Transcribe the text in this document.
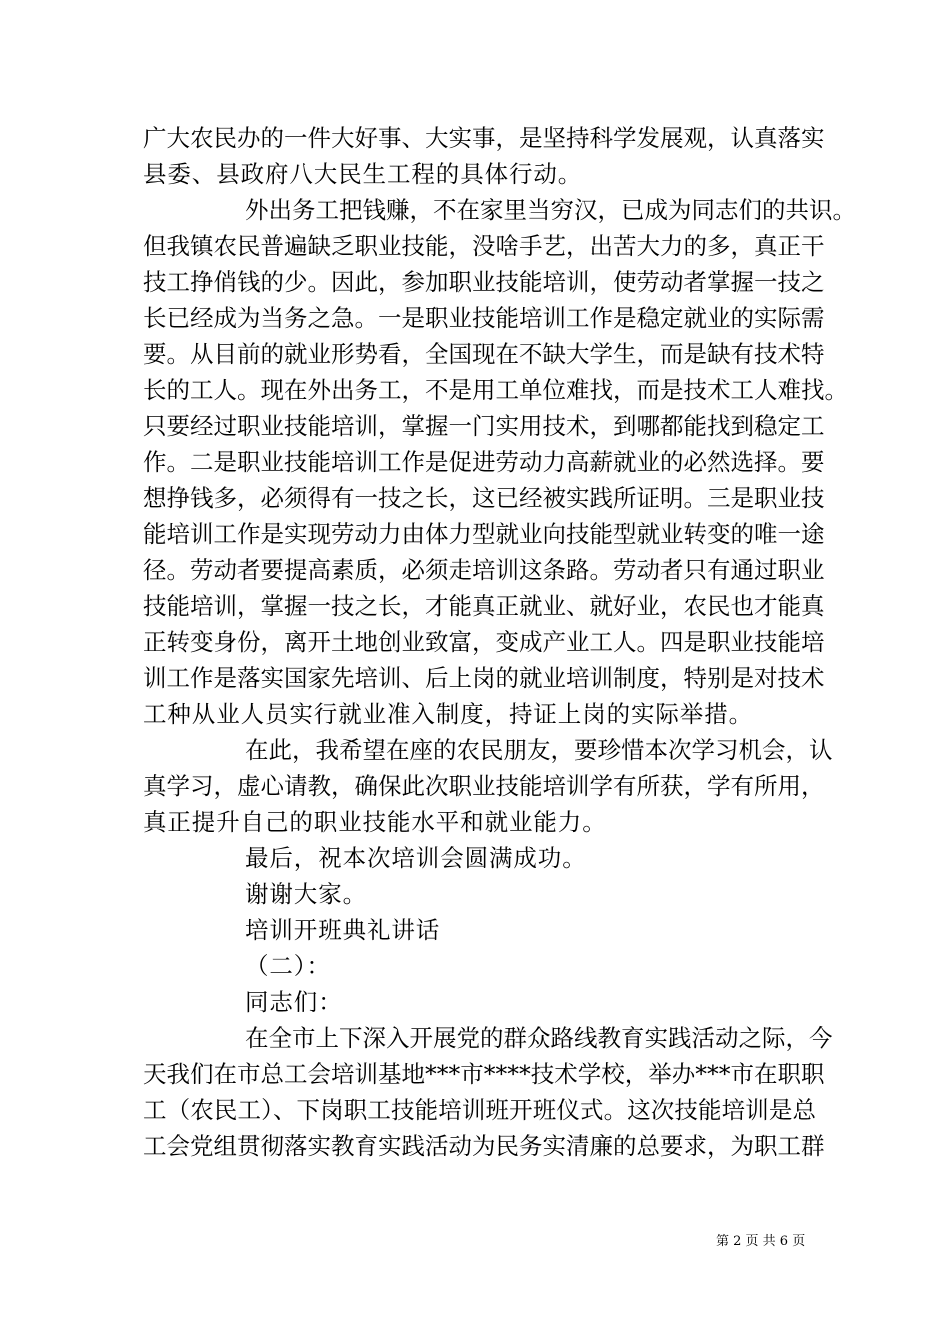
广大农民办的一件大好事、大实事，是坚持科学发展观，认真落实
县委、县政府八大民生工程的具体行动。
外出务工把钱赚，不在家里当穷汉，已成为同志们的共识。
但我镇农民普遍缺乏职业技能，没啥手艺，出苦大力的多，真正干
技工挣俏钱的少。因此，参加职业技能培训，使劳动者掌握一技之
长已经成为当务之急。一是职业技能培训工作是稳定就业的实际需
要。从目前的就业形势看，全国现在不缺大学生，而是缺有技术特
长的工人。现在外出务工，不是用工单位难找，而是技术工人难找。
只要经过职业技能培训，掌握一门实用技术，到哪都能找到稳定工
作。二是职业技能培训工作是促进劳动力高薪就业的必然选择。要
想挣钱多，必须得有一技之长，这已经被实践所证明。三是职业技
能培训工作是实现劳动力由体力型就业向技能型就业转变的唯一途
径。劳动者要提高素质，必须走培训这条路。劳动者只有通过职业
技能培训，掌握一技之长，才能真正就业、就好业，农民也才能真
正转变身份，离开土地创业致富，变成产业工人。四是职业技能培
训工作是落实国家先培训、后上岗的就业培训制度，特别是对技术
工种从业人员实行就业准入制度，持证上岗的实际举措。
在此，我希望在座的农民朋友，要珍惜本次学习机会，认
真学习，虚心请教，确保此次职业技能培训学有所获，学有所用，
真正提升自己的职业技能水平和就业能力。
最后，祝本次培训会圆满成功。
谢谢大家。
培训开班典礼讲话
（二）：
同志们：
在全市上下深入开展党的群众路线教育实践活动之际，今
天我们在市总工会培训基地***市****技术学校，举办***市在职职
工（农民工）、下岗职工技能培训班开班仪式。这次技能培训是总
工会党组贯彻落实教育实践活动为民务实清廉的总要求，为职工群
第 2 页 共 6 页
